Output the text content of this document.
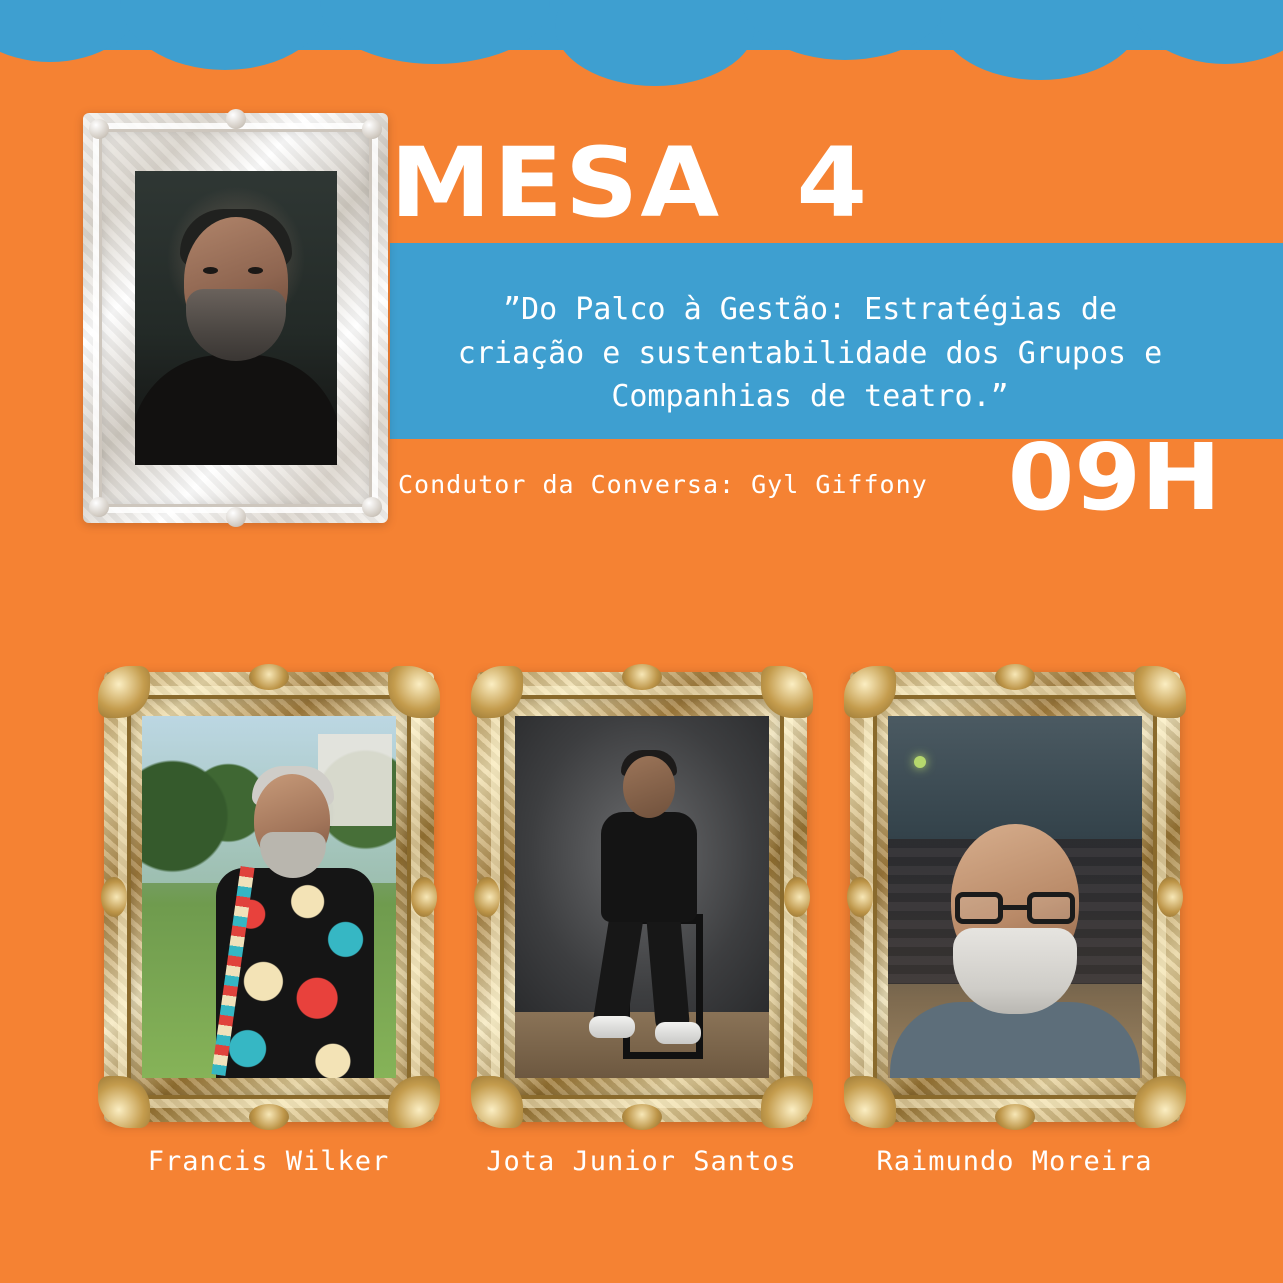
MESA  4
”Do Palco à Gestão: Estratégias de criação e sustentabilidade dos Grupos e Companhias de teatro.”
Condutor da Conversa: Gyl Giffony 09H
Francis Wilker	Jota Junior Santos	Raimundo Moreira
